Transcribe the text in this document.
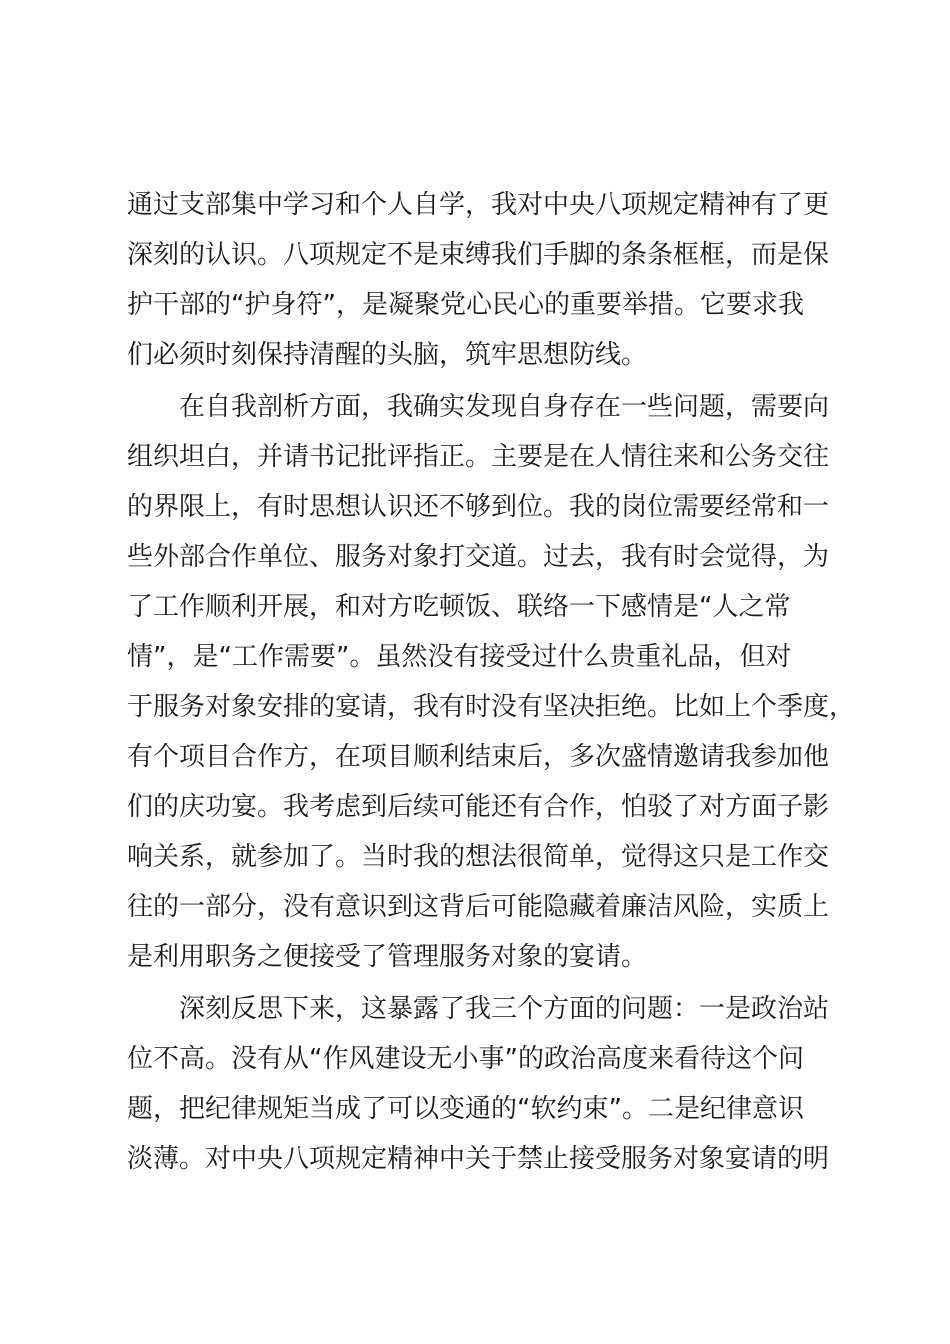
通过支部集中学习和个人自学，我对中央八项规定精神有了更
深刻的认识。八项规定不是束缚我们手脚的条条框框，而是保
护干部的“护身符”，是凝聚党心民心的重要举措。它要求我
们必须时刻保持清醒的头脑，筑牢思想防线。
在自我剖析方面，我确实发现自身存在一些问题，需要向
组织坦白，并请书记批评指正。主要是在人情往来和公务交往
的界限上，有时思想认识还不够到位。我的岗位需要经常和一
些外部合作单位、服务对象打交道。过去，我有时会觉得，为
了工作顺利开展，和对方吃顿饭、联络一下感情是“人之常
情”，是“工作需要”。虽然没有接受过什么贵重礼品，但对
于服务对象安排的宴请，我有时没有坚决拒绝。比如上个季度，
有个项目合作方，在项目顺利结束后，多次盛情邀请我参加他
们的庆功宴。我考虑到后续可能还有合作，怕驳了对方面子影
响关系，就参加了。当时我的想法很简单，觉得这只是工作交
往的一部分，没有意识到这背后可能隐藏着廉洁风险，实质上
是利用职务之便接受了管理服务对象的宴请。
深刻反思下来，这暴露了我三个方面的问题：一是政治站
位不高。没有从“作风建设无小事”的政治高度来看待这个问
题，把纪律规矩当成了可以变通的“软约束”。二是纪律意识
淡薄。对中央八项规定精神中关于禁止接受服务对象宴请的明
